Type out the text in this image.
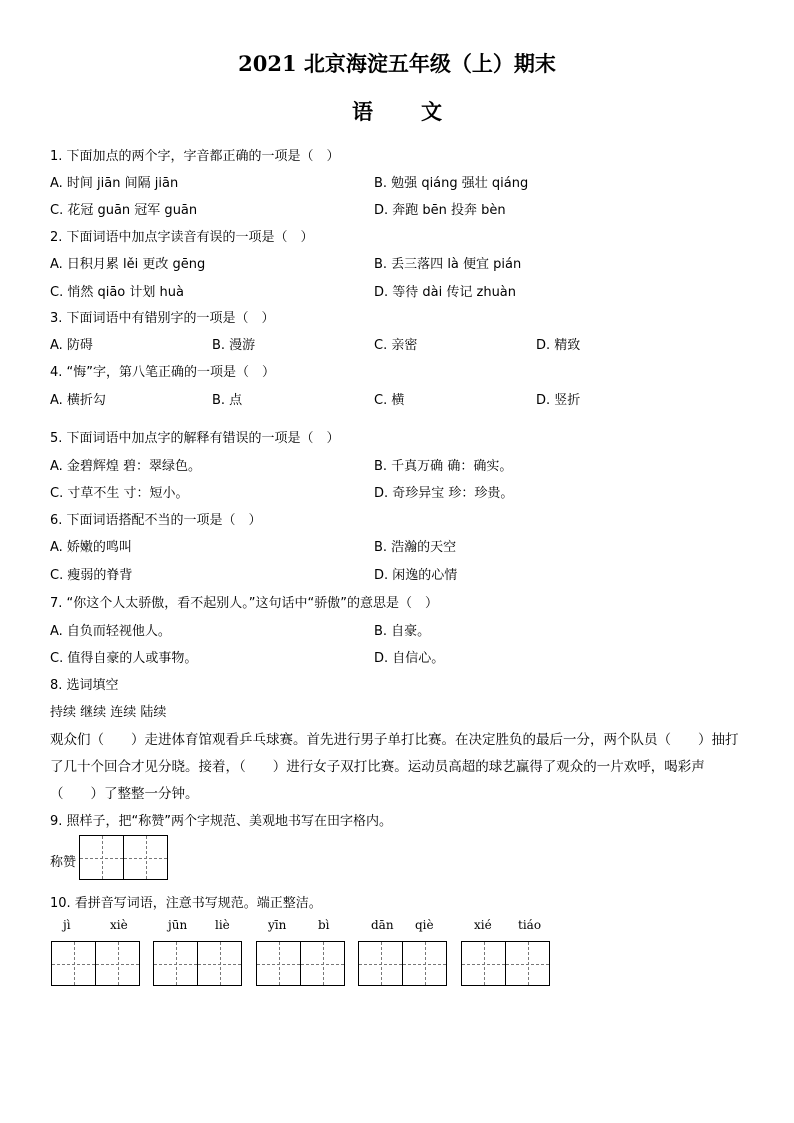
2021 北京海淀五年级（上）期末
语文
1. 下面加点的两个字，字音都正确的一项是（　）
A. 时间 jiān 间隔 jiān	B. 勉强 qiáng 强壮 qiáng
C. 花冠 guān 冠军 guān	D. 奔跑 bēn 投奔 bèn
2. 下面词语中加点字读音有误的一项是（　）
A. 日积月累 lěi 更改 gēng	B. 丢三落四 là 便宜 pián
C. 悄然 qiāo 计划 huà	D. 等待 dài 传记 zhuàn
3. 下面词语中有错别字的一项是（　）
A. 防碍	B. 漫游	C. 亲密	D. 精致
4. “悔”字，第八笔正确的一项是（　）
A. 横折勾	B. 点	C. 横	D. 竖折
5. 下面词语中加点字的解释有错误的一项是（　）
A. 金碧辉煌 碧：翠绿色。	B. 千真万确 确：确实。
C. 寸草不生 寸：短小。	D. 奇珍异宝 珍：珍贵。
6. 下面词语搭配不当的一项是（　）
A. 娇嫩的鸣叫	B. 浩瀚的天空
C. 瘦弱的脊背	D. 闲逸的心情
7. “你这个人太骄傲，看不起别人。”这句话中“骄傲”的意思是（　）
A. 自负而轻视他人。	B. 自豪。
C. 值得自豪的人或事物。	D. 自信心。
8. 选词填空
持续 继续 连续 陆续
观众们（　　）走进体育馆观看乒乓球赛。首先进行男子单打比赛。在决定胜负的最后一分，两个队员（　　）抽打
了几十个回合才见分晓。接着，（　　）进行女子双打比赛。运动员高超的球艺赢得了观众的一片欢呼，喝彩声
（　　）了整整一分钟。
9. 照样子，把“称赞”两个字规范、美观地书写在田字格内。
称赞
10. 看拼音写词语，注意书写规范。端正整洁。
jì	xiè	jūn liè	yīn	bì	dān qiè	xié tiáo
